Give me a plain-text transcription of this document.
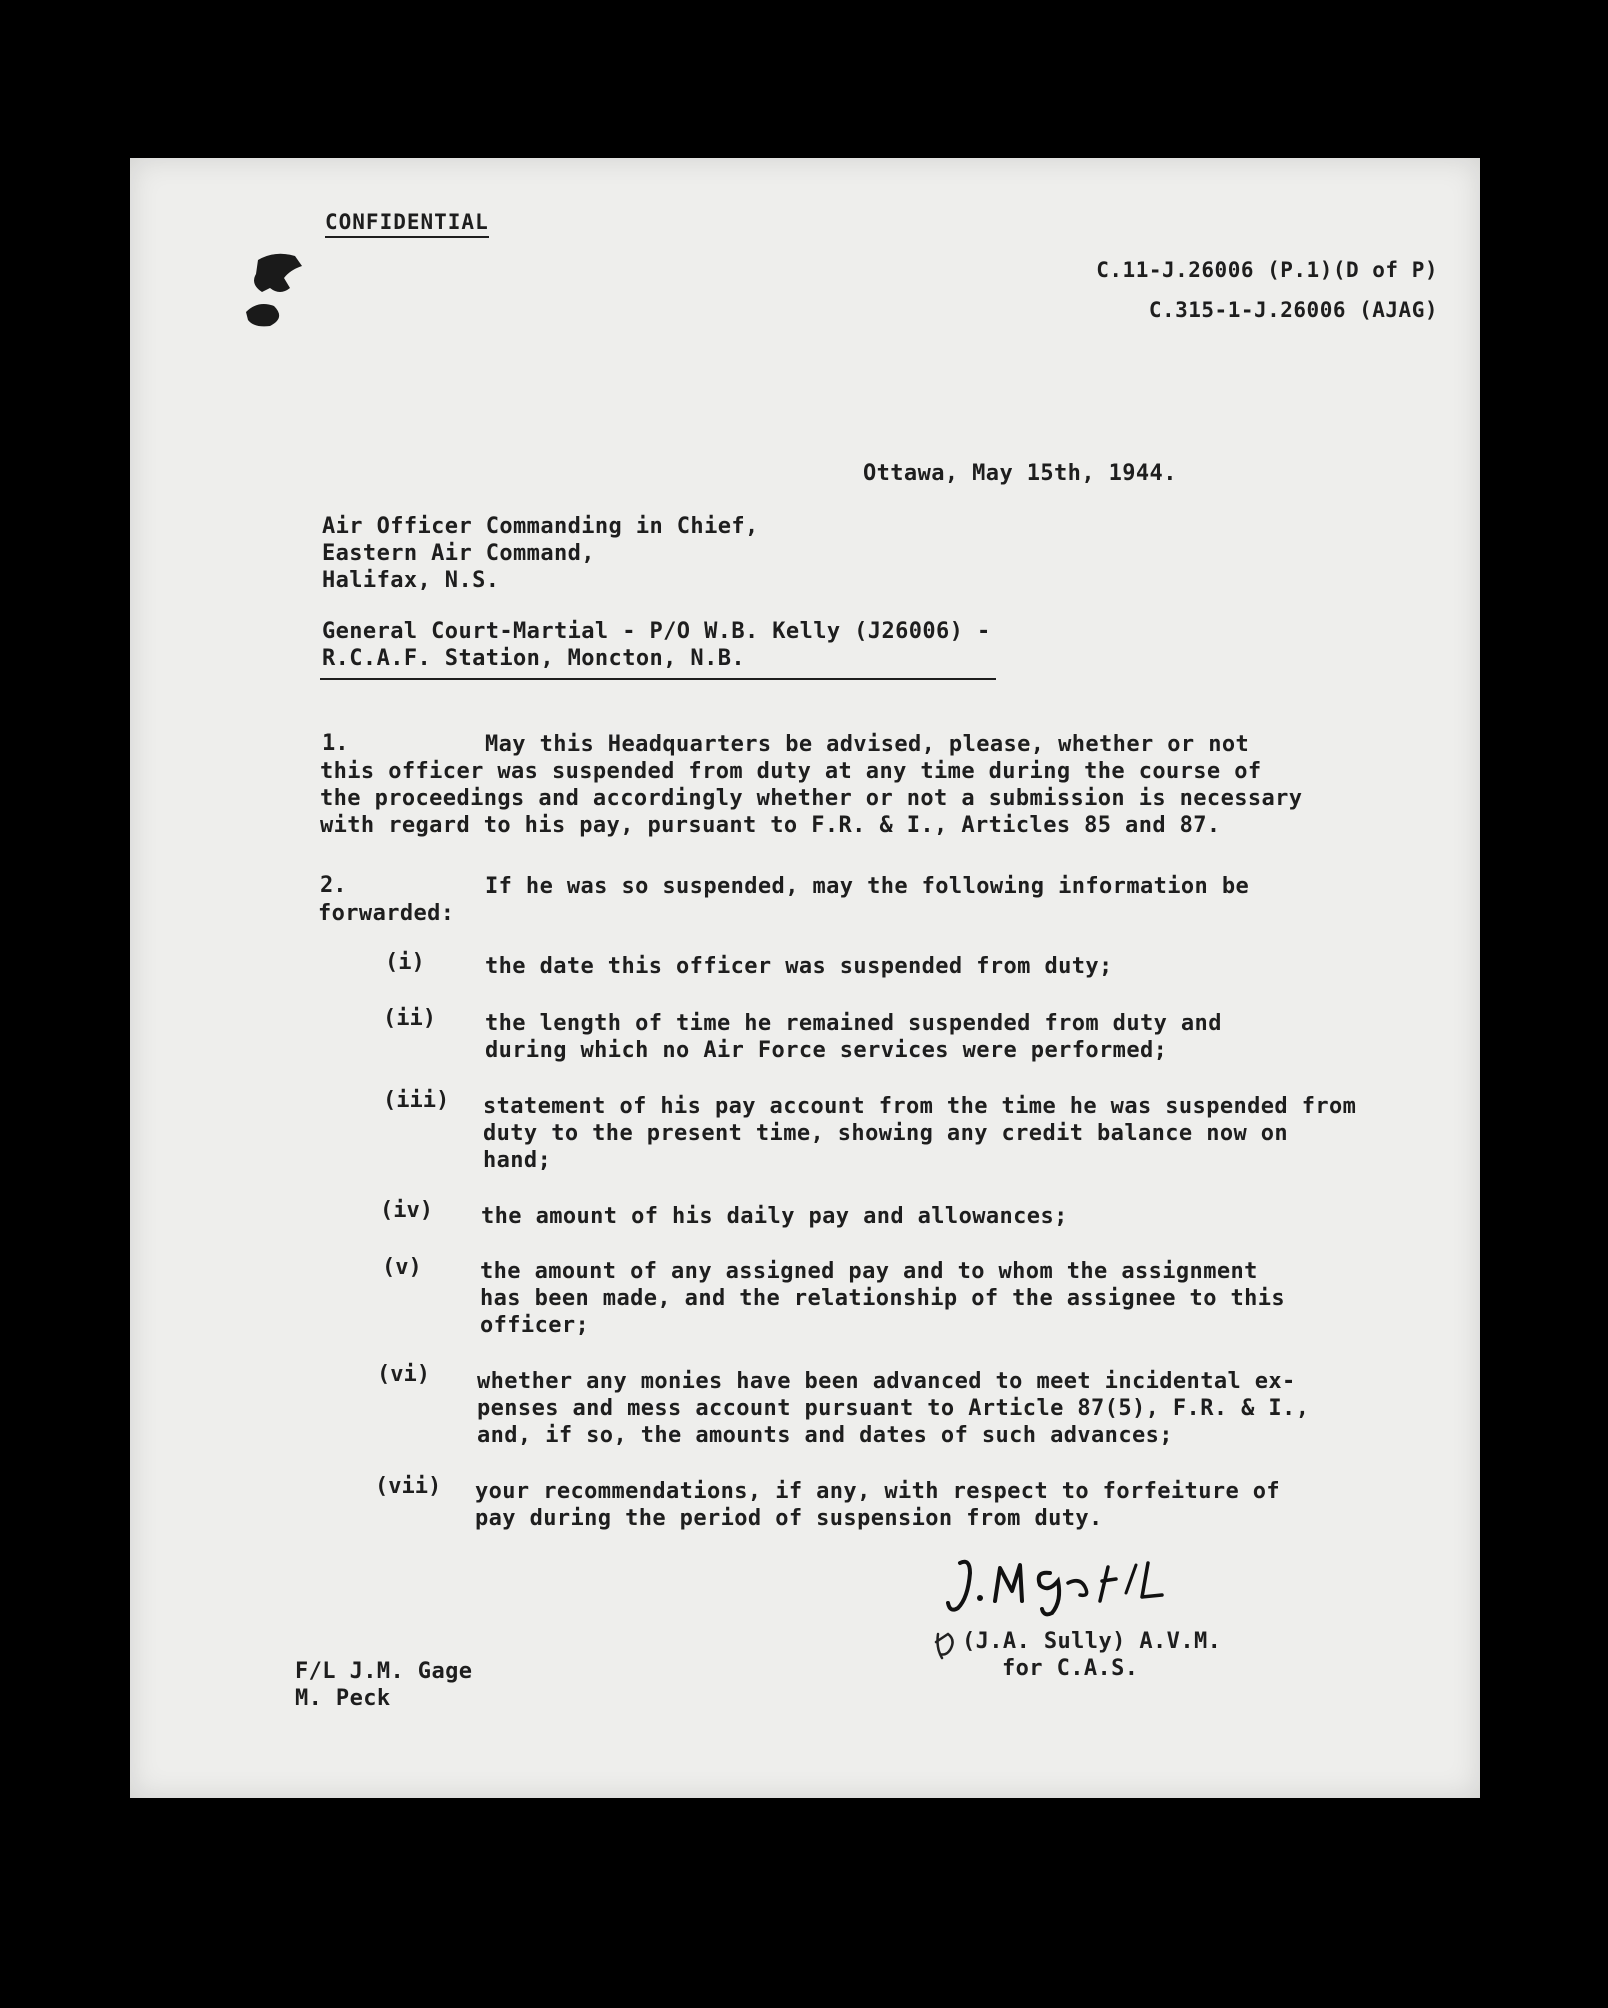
CONFIDENTIAL
C.11-J.26006 (P.1)(D of P)
C.315-1-J.26006 (AJAG)
Ottawa, May 15th, 1944.
Air Officer Commanding in Chief,
Eastern Air Command,
Halifax, N.S.
General Court-Martial - P/O W.B. Kelly (J26006) -
R.C.A.F. Station, Moncton, N.B.
1.	May this Headquarters be advised, please, whether or not
this officer was suspended from duty at any time during the course of
the proceedings and accordingly whether or not a submission is necessary
with regard to his pay, pursuant to F.R. & I., Articles 85 and 87.
2.	If he was so suspended, may the following information be
forwarded:
(i)	the date this officer was suspended from duty;
(ii) the length of time he remained suspended from duty and
during which no Air Force services were performed;
(iii) statement of his pay account from the time he was suspended from
duty to the present time, showing any credit balance now on
hand;
(iv) the amount of his daily pay and allowances;
(v)	the amount of any assigned pay and to whom the assignment
has been made, and the relationship of the assignee to this
officer;
(vi) whether any monies have been advanced to meet incidental ex-
penses and mess account pursuant to Article 87(5), F.R. & I.,
and, if so, the amounts and dates of such advances;
(vii) your recommendations, if any, with respect to forfeiture of
pay during the period of suspension from duty.
(J.A. Sully) A.V.M.
for C.A.S.
F/L J.M. Gage
M. Peck
